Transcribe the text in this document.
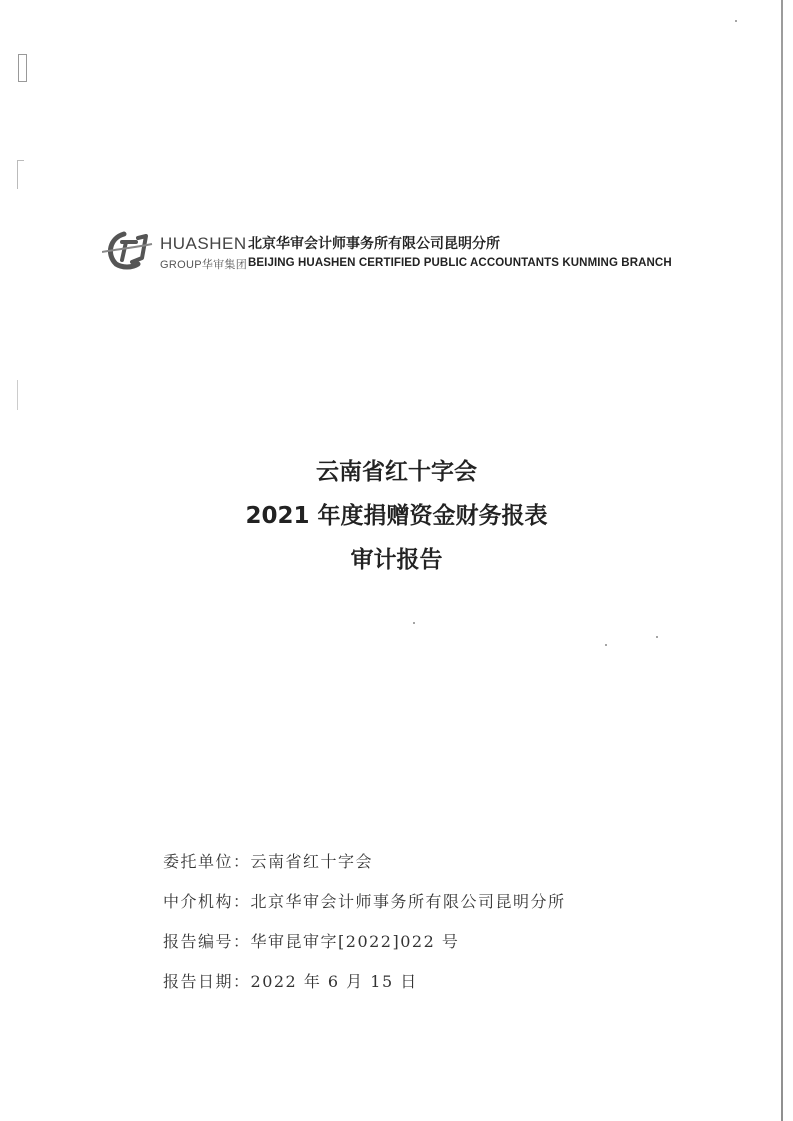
HUASHEN
GROUP华审集团
北京华审会计师事务所有限公司昆明分所
BEIJING HUASHEN CERTIFIED PUBLIC ACCOUNTANTS KUNMING BRANCH
云南省红十字会
2021 年度捐赠资金财务报表
审计报告
委托单位：云南省红十字会
中介机构：北京华审会计师事务所有限公司昆明分所
报告编号：华审昆审字[2022]022 号
报告日期：2022 年 6 月 15 日
